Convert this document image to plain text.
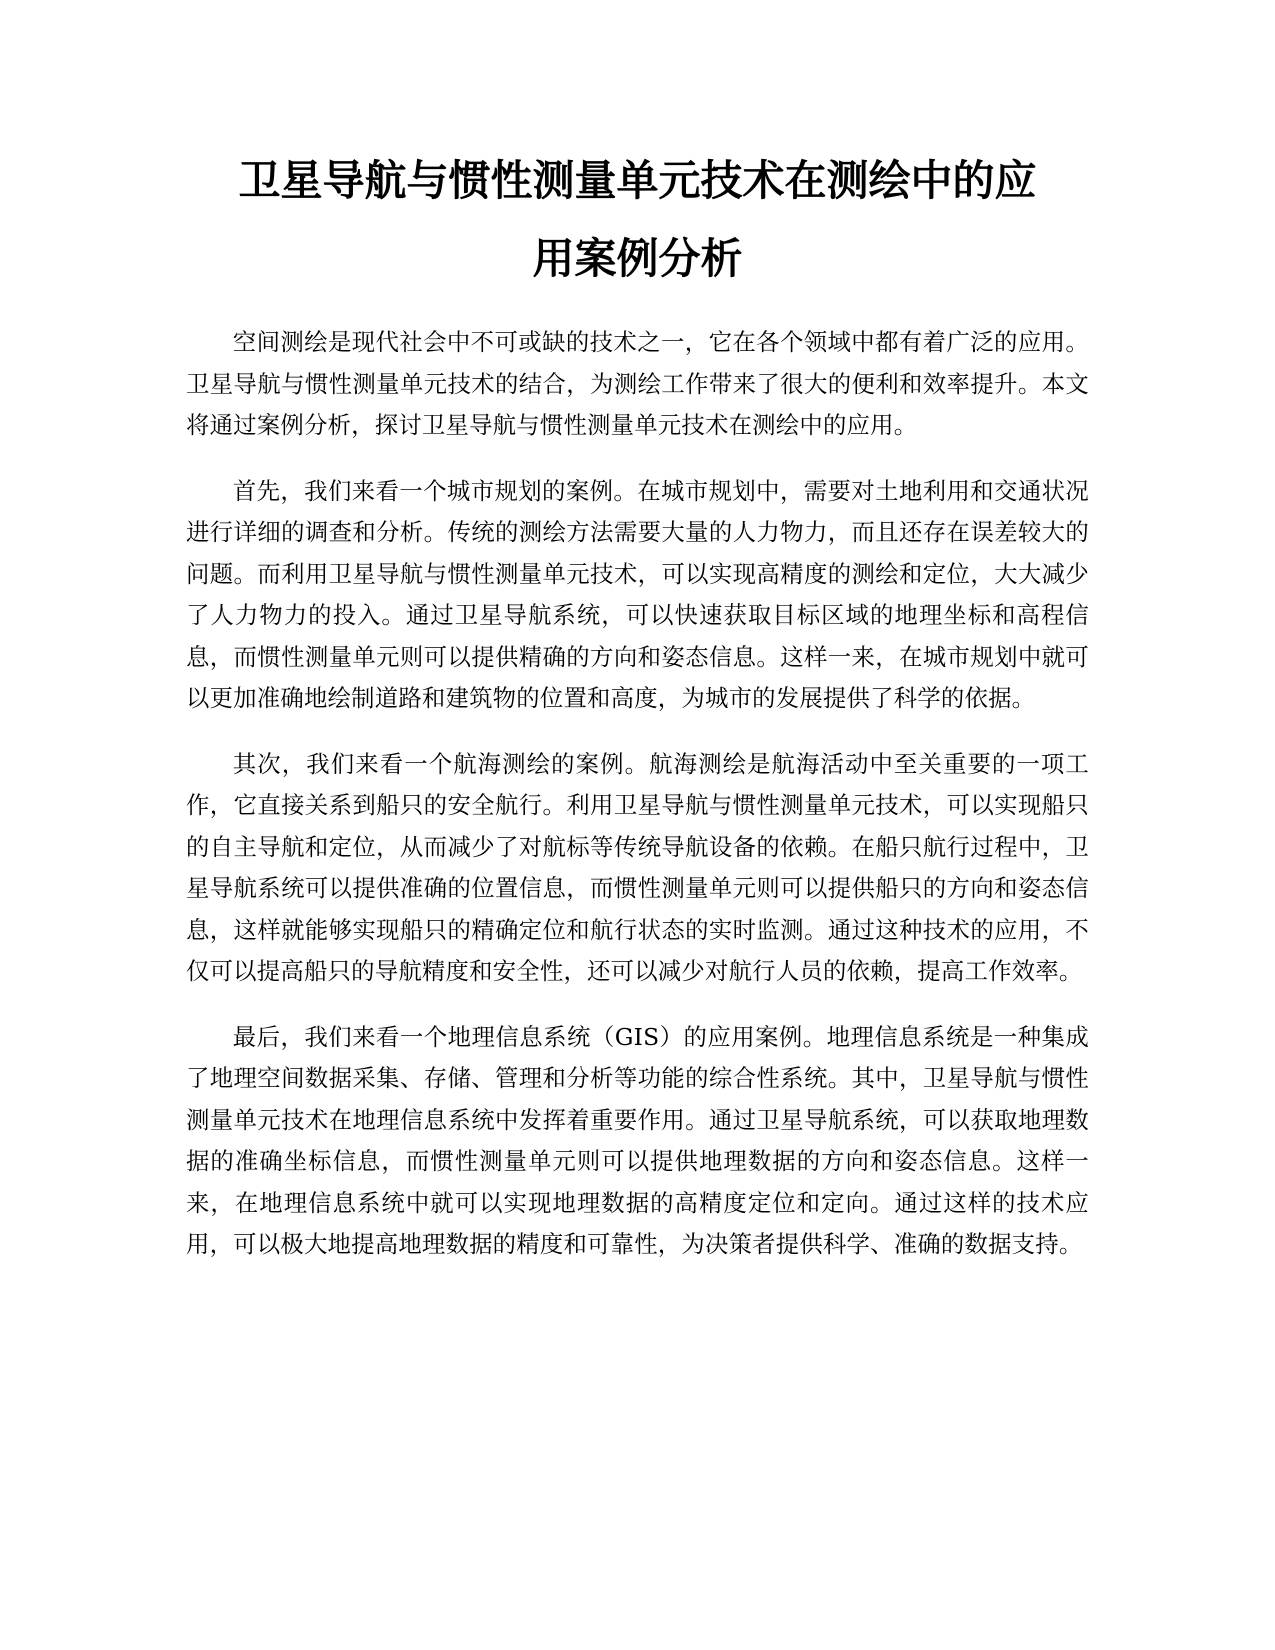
卫星导航与惯性测量单元技术在测绘中的应
用案例分析

空间测绘是现代社会中不可或缺的技术之一，它在各个领域中都有着广泛的应用。卫星导航与惯性测量单元技术的结合，为测绘工作带来了很大的便利和效率提升。本文将通过案例分析，探讨卫星导航与惯性测量单元技术在测绘中的应用。

首先，我们来看一个城市规划的案例。在城市规划中，需要对土地利用和交通状况进行详细的调查和分析。传统的测绘方法需要大量的人力物力，而且还存在误差较大的问题。而利用卫星导航与惯性测量单元技术，可以实现高精度的测绘和定位，大大减少了人力物力的投入。通过卫星导航系统，可以快速获取目标区域的地理坐标和高程信息，而惯性测量单元则可以提供精确的方向和姿态信息。这样一来，在城市规划中就可以更加准确地绘制道路和建筑物的位置和高度，为城市的发展提供了科学的依据。

其次，我们来看一个航海测绘的案例。航海测绘是航海活动中至关重要的一项工作，它直接关系到船只的安全航行。利用卫星导航与惯性测量单元技术，可以实现船只的自主导航和定位，从而减少了对航标等传统导航设备的依赖。在船只航行过程中，卫星导航系统可以提供准确的位置信息，而惯性测量单元则可以提供船只的方向和姿态信息，这样就能够实现船只的精确定位和航行状态的实时监测。通过这种技术的应用，不仅可以提高船只的导航精度和安全性，还可以减少对航行人员的依赖，提高工作效率。

最后，我们来看一个地理信息系统（GIS）的应用案例。地理信息系统是一种集成了地理空间数据采集、存储、管理和分析等功能的综合性系统。其中，卫星导航与惯性测量单元技术在地理信息系统中发挥着重要作用。通过卫星导航系统，可以获取地理数据的准确坐标信息，而惯性测量单元则可以提供地理数据的方向和姿态信息。这样一来，在地理信息系统中就可以实现地理数据的高精度定位和定向。通过这样的技术应用，可以极大地提高地理数据的精度和可靠性，为决策者提供科学、准确的数据支持。
